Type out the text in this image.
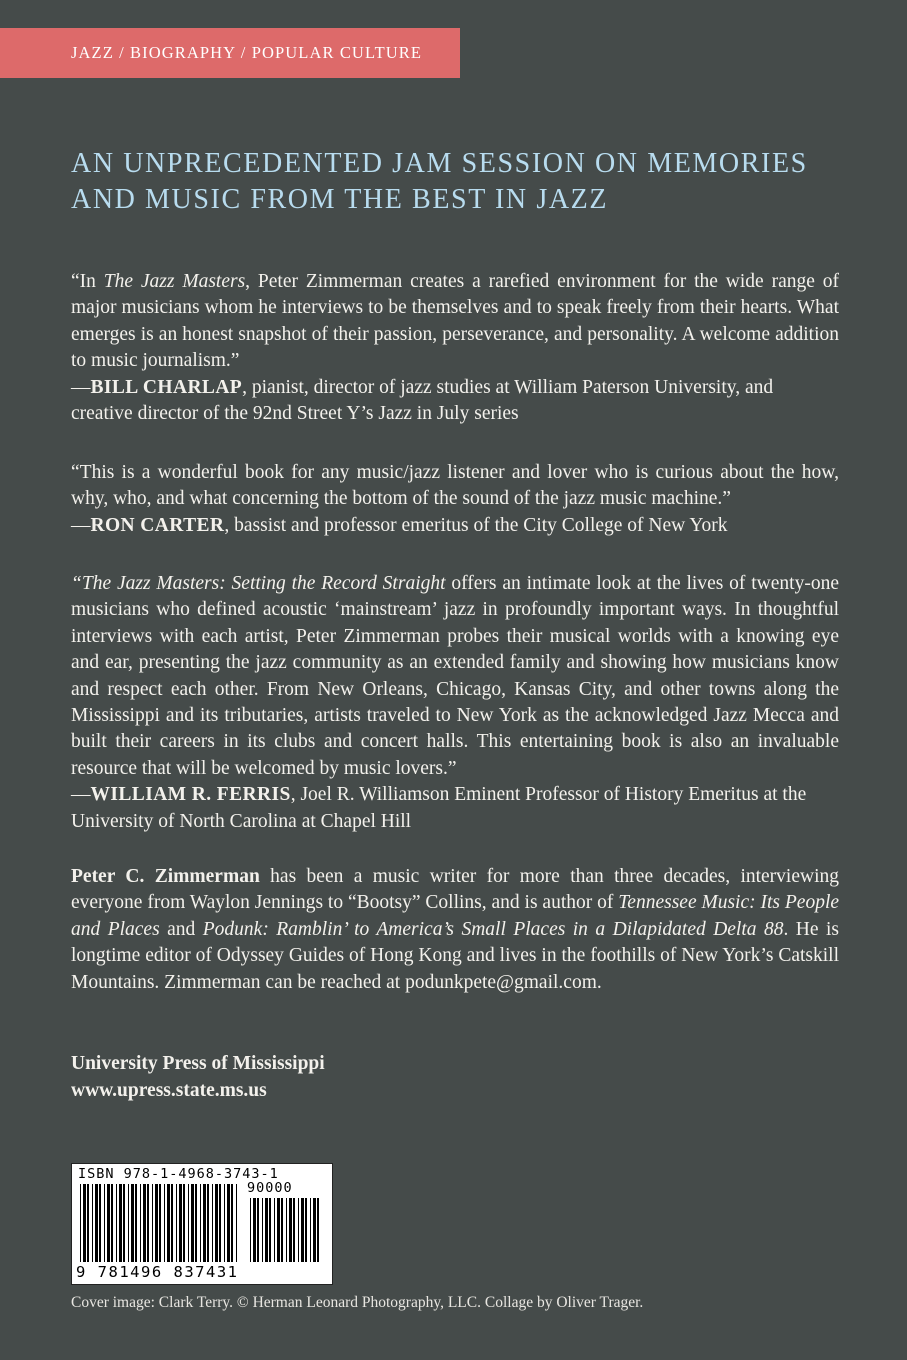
JAZZ / BIOGRAPHY / POPULAR CULTURE
AN UNPRECEDENTED JAM SESSION ON MEMORIES
AND MUSIC FROM THE BEST IN JAZZ
“In The Jazz Masters, Peter Zimmerman creates a rarefied environment for the wide range of major musicians whom he interviews to be themselves and to speak freely from their hearts. What emerges is an honest snapshot of their passion, perseverance, and personality. A welcome addition to music journalism.”
—BILL CHARLAP, pianist, director of jazz studies at William Paterson University, and creative director of the 92nd Street Y’s Jazz in July series
“This is a wonderful book for any music/jazz listener and lover who is curious about the how, why, who, and what concerning the bottom of the sound of the jazz music machine.”
—RON CARTER, bassist and professor emeritus of the City College of New York
“The Jazz Masters: Setting the Record Straight offers an intimate look at the lives of twenty-one musicians who defined acoustic ‘mainstream’ jazz in profoundly important ways. In thoughtful interviews with each artist, Peter Zimmerman probes their musical worlds with a knowing eye and ear, presenting the jazz community as an extended family and showing how musicians know and respect each other. From New Orleans, Chicago, Kansas City, and other towns along the Mississippi and its tributaries, artists traveled to New York as the acknowledged Jazz Mecca and built their careers in its clubs and concert halls. This entertaining book is also an invaluable resource that will be welcomed by music lovers.”
—WILLIAM R. FERRIS, Joel R. Williamson Eminent Professor of History Emeritus at the University of North Carolina at Chapel Hill
Peter C. Zimmerman has been a music writer for more than three decades, interviewing everyone from Waylon Jennings to “Bootsy” Collins, and is author of Tennessee Music: Its People and Places and Podunk: Ramblin’ to America’s Small Places in a Dilapidated Delta 88. He is longtime editor of Odyssey Guides of Hong Kong and lives in the foothills of New York’s Catskill Mountains. Zimmerman can be reached at podunkpete@gmail.com.
University Press of Mississippi
www.upress.state.ms.us
ISBN 978-1-4968-3743-1
90000
9 781496 837431
Cover image: Clark Terry. © Herman Leonard Photography, LLC. Collage by Oliver Trager.
